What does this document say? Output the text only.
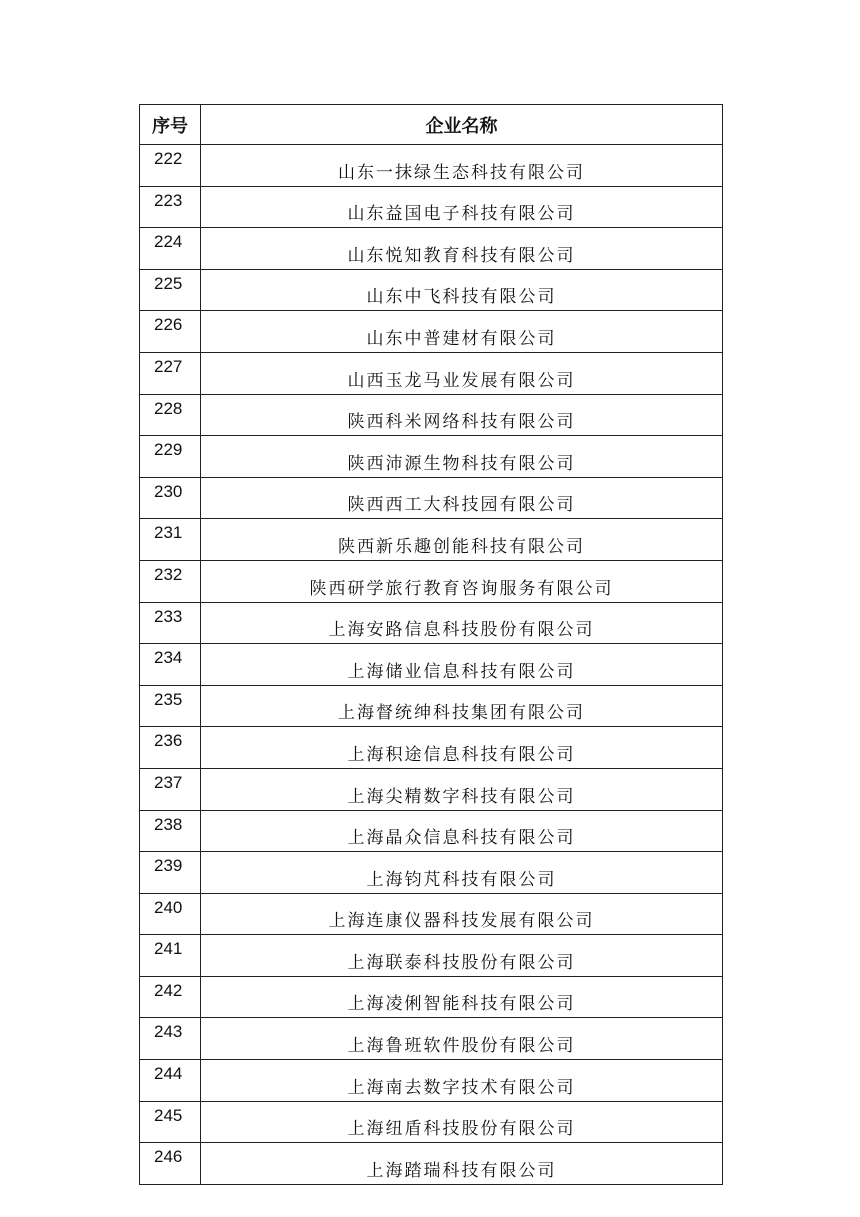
序号	企业名称
222	山东一抹绿生态科技有限公司
223	山东益国电子科技有限公司
224	山东悦知教育科技有限公司
225	山东中飞科技有限公司
226	山东中普建材有限公司
227	山西玉龙马业发展有限公司
228	陕西科米网络科技有限公司
229	陕西沛源生物科技有限公司
230	陕西西工大科技园有限公司
231	陕西新乐趣创能科技有限公司
232	陕西研学旅行教育咨询服务有限公司
233	上海安路信息科技股份有限公司
234	上海储业信息科技有限公司
235	上海督统绅科技集团有限公司
236	上海积途信息科技有限公司
237	上海尖精数字科技有限公司
238	上海晶众信息科技有限公司
239	上海钧芃科技有限公司
240	上海连康仪器科技发展有限公司
241	上海联泰科技股份有限公司
242	上海凌俐智能科技有限公司
243	上海鲁班软件股份有限公司
244	上海南去数字技术有限公司
245	上海纽盾科技股份有限公司
246	上海踏瑞科技有限公司
